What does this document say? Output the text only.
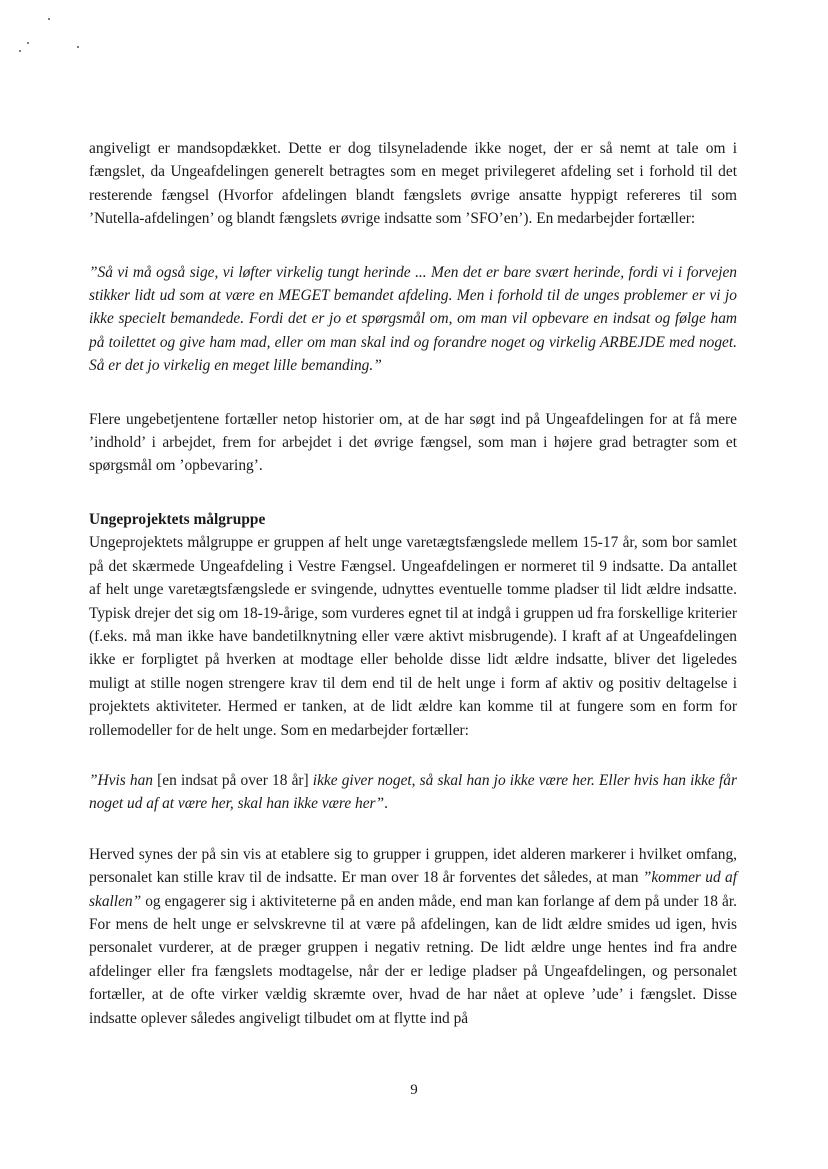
angiveligt er mandsopdækket. Dette er dog tilsyneladende ikke noget, der er så nemt at tale om i fængslet, da Ungeafdelingen generelt betragtes som en meget privilegeret afdeling set i forhold til det resterende fængsel (Hvorfor afdelingen blandt fængslets øvrige ansatte hyppigt refereres til som ’Nutella-afdelingen’ og blandt fængslets øvrige indsatte som ’SFO’en’). En medarbejder fortæller:

”Så vi må også sige, vi løfter virkelig tungt herinde ... Men det er bare svært herinde, fordi vi i forvejen stikker lidt ud som at være en MEGET bemandet afdeling. Men i forhold til de unges problemer er vi jo ikke specielt bemandede. Fordi det er jo et spørgsmål om, om man vil opbevare en indsat og følge ham på toilettet og give ham mad, eller om man skal ind og forandre noget og virkelig ARBEJDE med noget. Så er det jo virkelig en meget lille bemanding.”

Flere ungebetjentene fortæller netop historier om, at de har søgt ind på Ungeafdelingen for at få mere ’indhold’ i arbejdet, frem for arbejdet i det øvrige fængsel, som man i højere grad betragter som et spørgsmål om ’opbevaring’.

Ungeprojektets målgruppe

Ungeprojektets målgruppe er gruppen af helt unge varetægtsfængslede mellem 15-17 år, som bor samlet på det skærmede Ungeafdeling i Vestre Fængsel. Ungeafdelingen er normeret til 9 indsatte. Da antallet af helt unge varetægtsfængslede er svingende, udnyttes eventuelle tomme pladser til lidt ældre indsatte. Typisk drejer det sig om 18-19-årige, som vurderes egnet til at indgå i gruppen ud fra forskellige kriterier (f.eks. må man ikke have bandetilknytning eller være aktivt misbrugende). I kraft af at Ungeafdelingen ikke er forpligtet på hverken at modtage eller beholde disse lidt ældre indsatte, bliver det ligeledes muligt at stille nogen strengere krav til dem end til de helt unge i form af aktiv og positiv deltagelse i projektets aktiviteter. Hermed er tanken, at de lidt ældre kan komme til at fungere som en form for rollemodeller for de helt unge. Som en medarbejder fortæller:

”Hvis han [en indsat på over 18 år] ikke giver noget, så skal han jo ikke være her. Eller hvis han ikke får noget ud af at være her, skal han ikke være her”.

Herved synes der på sin vis at etablere sig to grupper i gruppen, idet alderen markerer i hvilket omfang, personalet kan stille krav til de indsatte. Er man over 18 år forventes det således, at man ”kommer ud af skallen” og engagerer sig i aktiviteterne på en anden måde, end man kan forlange af dem på under 18 år. For mens de helt unge er selvskrevne til at være på afdelingen, kan de lidt ældre smides ud igen, hvis personalet vurderer, at de præger gruppen i negativ retning. De lidt ældre unge hentes ind fra andre afdelinger eller fra fængslets modtagelse, når der er ledige pladser på Ungeafdelingen, og personalet fortæller, at de ofte virker vældig skræmte over, hvad de har nået at opleve ’ude’ i fængslet. Disse indsatte oplever således angiveligt tilbudet om at flytte ind på

9
